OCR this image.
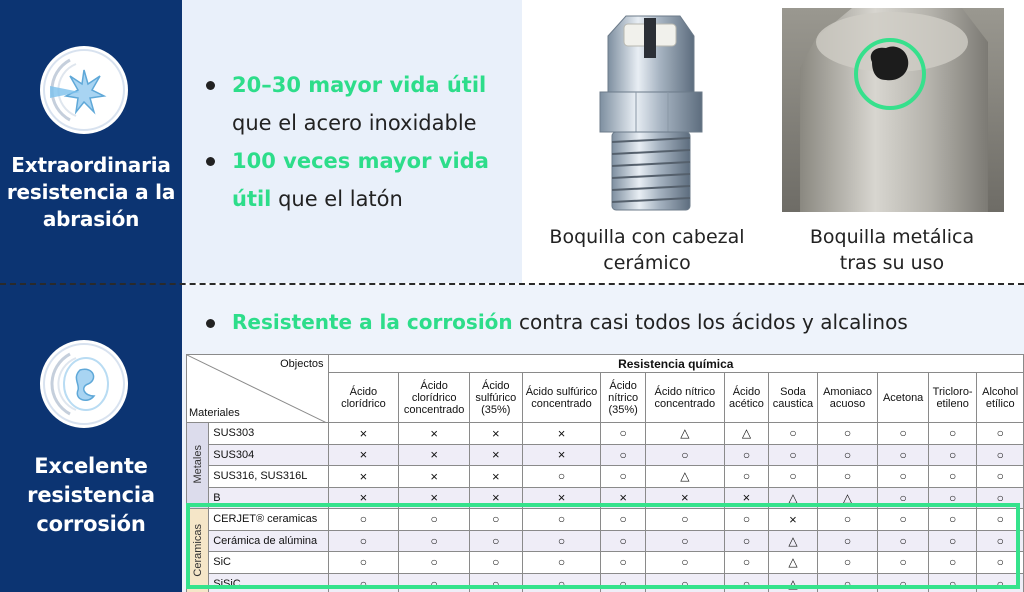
Extraordinaria
resistencia a la
abrasión
Excelente
resistencia
corrosión
20–30 mayor vida útil
que el acero inoxidable
100 veces mayor vida
útil que el latón
Boquilla con cabezal
cerámico
Boquilla metálica
tras su uso
Resistente a la corrosión contra casi todos los ácidos y alcalinos
Objectos
Materiales		Resistencia química											
		Ácido clorídrico	Ácido clorídrico concentrado	Ácido sulfúrico (35%)	Ácido sulfúrico concentrado	Ácido nítrico (35%)	Ácido nítrico concentrado	Ácido acético	Soda caustica	Amoniaco acuoso	Acetona	Tricloro-etileno	Alcohol etílico
Metales	SUS303	×	×	×	×	○	△	△	○	○	○	○	○
	SUS304	×	×	×	×	○	○	○	○	○	○	○	○
	SUS316, SUS316L	×	×	×	○	○	△	○	○	○	○	○	○
	B	×	×	×	×	×	×	×	△	△	○	○	○
Ceramicas	CERJET® ceramicas	○	○	○	○	○	○	○	×	○	○	○	○
	Cerámica de alúmina	○	○	○	○	○	○	○	△	○	○	○	○
	SiC	○	○	○	○	○	○	○	△	○	○	○	○
	SiSiC	○	○	○	○	○	○	○	△	○	○	○	○
